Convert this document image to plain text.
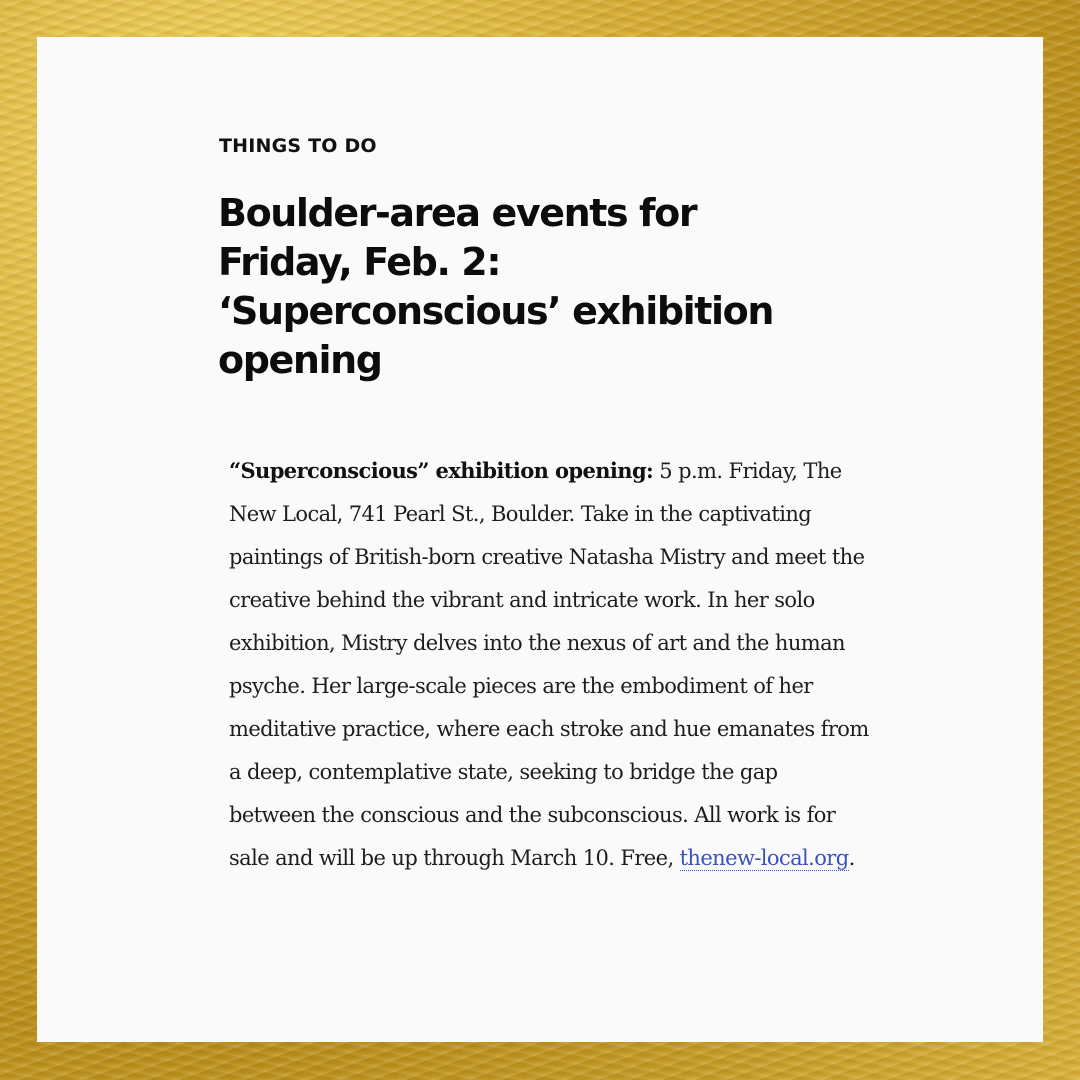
THINGS TO DO
Boulder-area events for Friday, Feb. 2: ‘Superconscious’ exhibition opening

“Superconscious” exhibition opening: 5 p.m. Friday, The New Local, 741 Pearl St., Boulder. Take in the captivating paintings of British-born creative Natasha Mistry and meet the creative behind the vibrant and intricate work. In her solo exhibition, Mistry delves into the nexus of art and the human psyche. Her large-scale pieces are the embodiment of her meditative practice, where each stroke and hue emanates from a deep, contemplative state, seeking to bridge the gap between the conscious and the subconscious. All work is for sale and will be up through March 10. Free, thenew-local.org.
